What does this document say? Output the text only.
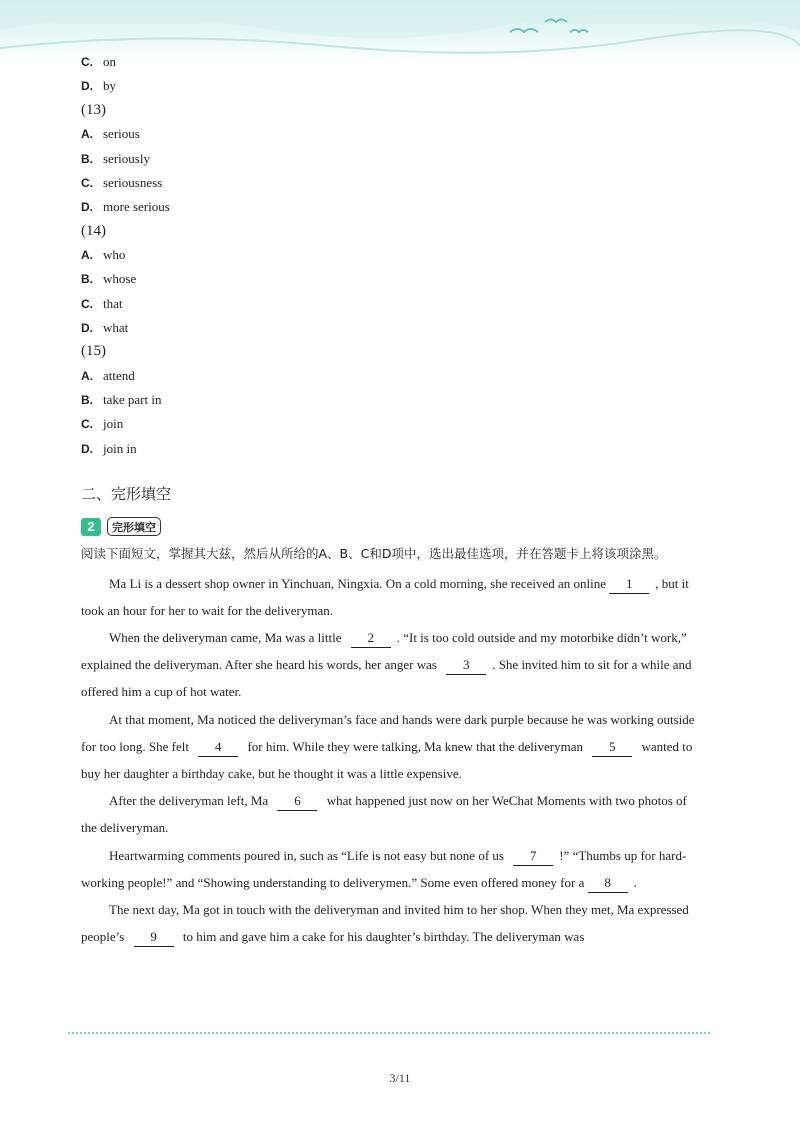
C. on
D. by
(13)
A. serious
B. seriously
C. seriousness
D. more serious
(14)
A. who
B. whose
C. that
D. what
(15)
A. attend
B. take part in
C. join
D. join in
二、完形填空
2	完形填空
阅读下面短文，掌握其大兹，然后从所给的A、B、C和D项中，选出最佳选项，并在答题卡上将该项涂黑。

Ma Li is a dessert shop owner in Yinchuan, Ningxia. On a cold morning, she received an online 1 , but it took an hour for her to wait for the deliveryman.

When the deliveryman came, Ma was a little 2 . “It is too cold outside and my motorbike didn’t work,” explained the deliveryman. After she heard his words, her anger was 3 . She invited him to sit for a while and offered him a cup of hot water.

At that moment, Ma noticed the deliveryman’s face and hands were dark purple because he was working outside for too long. She felt 4 for him. While they were talking, Ma knew that the deliveryman 5 wanted to buy her daughter a birthday cake, but he thought it was a little expensive.

After the deliveryman left, Ma 6 what happened just now on her WeChat Moments with two photos of the deliveryman.

Heartwarming comments poured in, such as “Life is not easy but none of us 7 !” “Thumbs up for hard-working people!” and “Showing understanding to deliverymen.” Some even offered money for a 8 .

The next day, Ma got in touch with the deliveryman and invited him to her shop. When they met, Ma expressed people’s 9 to him and gave him a cake for his daughter’s birthday. The deliveryman was

3/11
